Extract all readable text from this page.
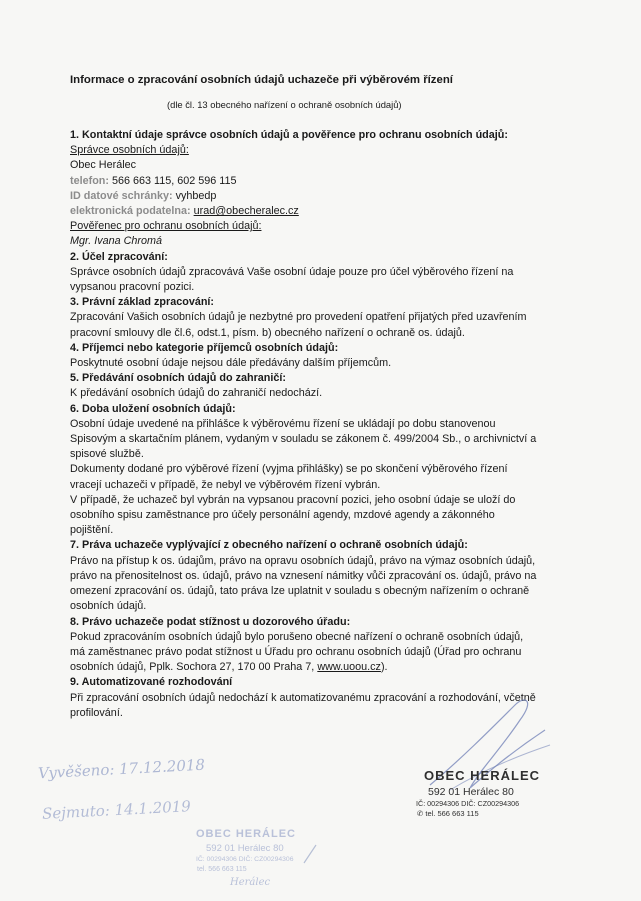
Informace o zpracování osobních údajů uchazeče při výběrovém řízení
(dle čl. 13 obecného nařízení o ochraně osobních údajů)
1. Kontaktní údaje správce osobních údajů a pověřence pro ochranu osobních údajů:
Správce osobních údajů:
Obec Herálec
telefon: 566 663 115, 602 596 115
ID datové schránky: vyhbedp
elektronická podatelna: urad@obecheralec.cz
Pověřenec pro ochranu osobních údajů:
Mgr. Ivana Chromá
2. Účel zpracování:
Správce osobních údajů zpracovává Vaše osobní údaje pouze pro účel výběrového řízení na
vypsanou pracovní pozici.
3. Právní základ zpracování:
Zpracování Vašich osobních údajů je nezbytné pro provedení opatření přijatých před uzavřením
pracovní smlouvy dle čl.6, odst.1, písm. b) obecného nařízení o ochraně os. údajů.
4. Příjemci nebo kategorie příjemců osobních údajů:
Poskytnuté osobní údaje nejsou dále předávány dalším příjemcům.
5. Předávání osobních údajů do zahraničí:
K předávání osobních údajů do zahraničí nedochází.
6. Doba uložení osobních údajů:
Osobní údaje uvedené na přihlášce k výběrovému řízení se ukládají po dobu stanovenou
Spisovým a skartačním plánem, vydaným v souladu se zákonem č. 499/2004 Sb., o archivnictví a
spisové službě.
Dokumenty dodané pro výběrové řízení (vyjma přihlášky) se po skončení výběrového řízení
vracejí uchazeči v případě, že nebyl ve výběrovém řízení vybrán.
V případě, že uchazeč byl vybrán na vypsanou pracovní pozici, jeho osobní údaje se uloží do
osobního spisu zaměstnance pro účely personální agendy, mzdové agendy a zákonného
pojištění.
7. Práva uchazeče vyplývající z obecného nařízení o ochraně osobních údajů:
Právo na přístup k os. údajům, právo na opravu osobních údajů, právo na výmaz osobních údajů,
právo na přenositelnost os. údajů, právo na vznesení námitky vůči zpracování os. údajů, právo na
omezení zpracování os. údajů, tato práva lze uplatnit v souladu s obecným nařízením o ochraně
osobních údajů.
8. Právo uchazeče podat stížnost u dozorového úřadu:
Pokud zpracováním osobních údajů bylo porušeno obecné nařízení o ochraně osobních údajů,
má zaměstnanec právo podat stížnost u Úřadu pro ochranu osobních údajů (Úřad pro ochranu
osobních údajů, Pplk. Sochora 27, 170 00 Praha 7, www.uoou.cz).
9. Automatizované rozhodování
Při zpracování osobních údajů nedochází k automatizovanému zpracování a rozhodování, včetně
profilování.
Vyvěšeno: 17.12.2018
Sejmuto: 14.1.2019
OBEC HERÁLEC
592 01 Herálec 80
IČ: 00294306 DIČ: CZ00294306
✆ tel. 566 663 115
OBEC HERÁLEC
592 01 Herálec 80
IČ: 00294306 DIČ: CZ00294306
tel. 566 663 115
Herálec
